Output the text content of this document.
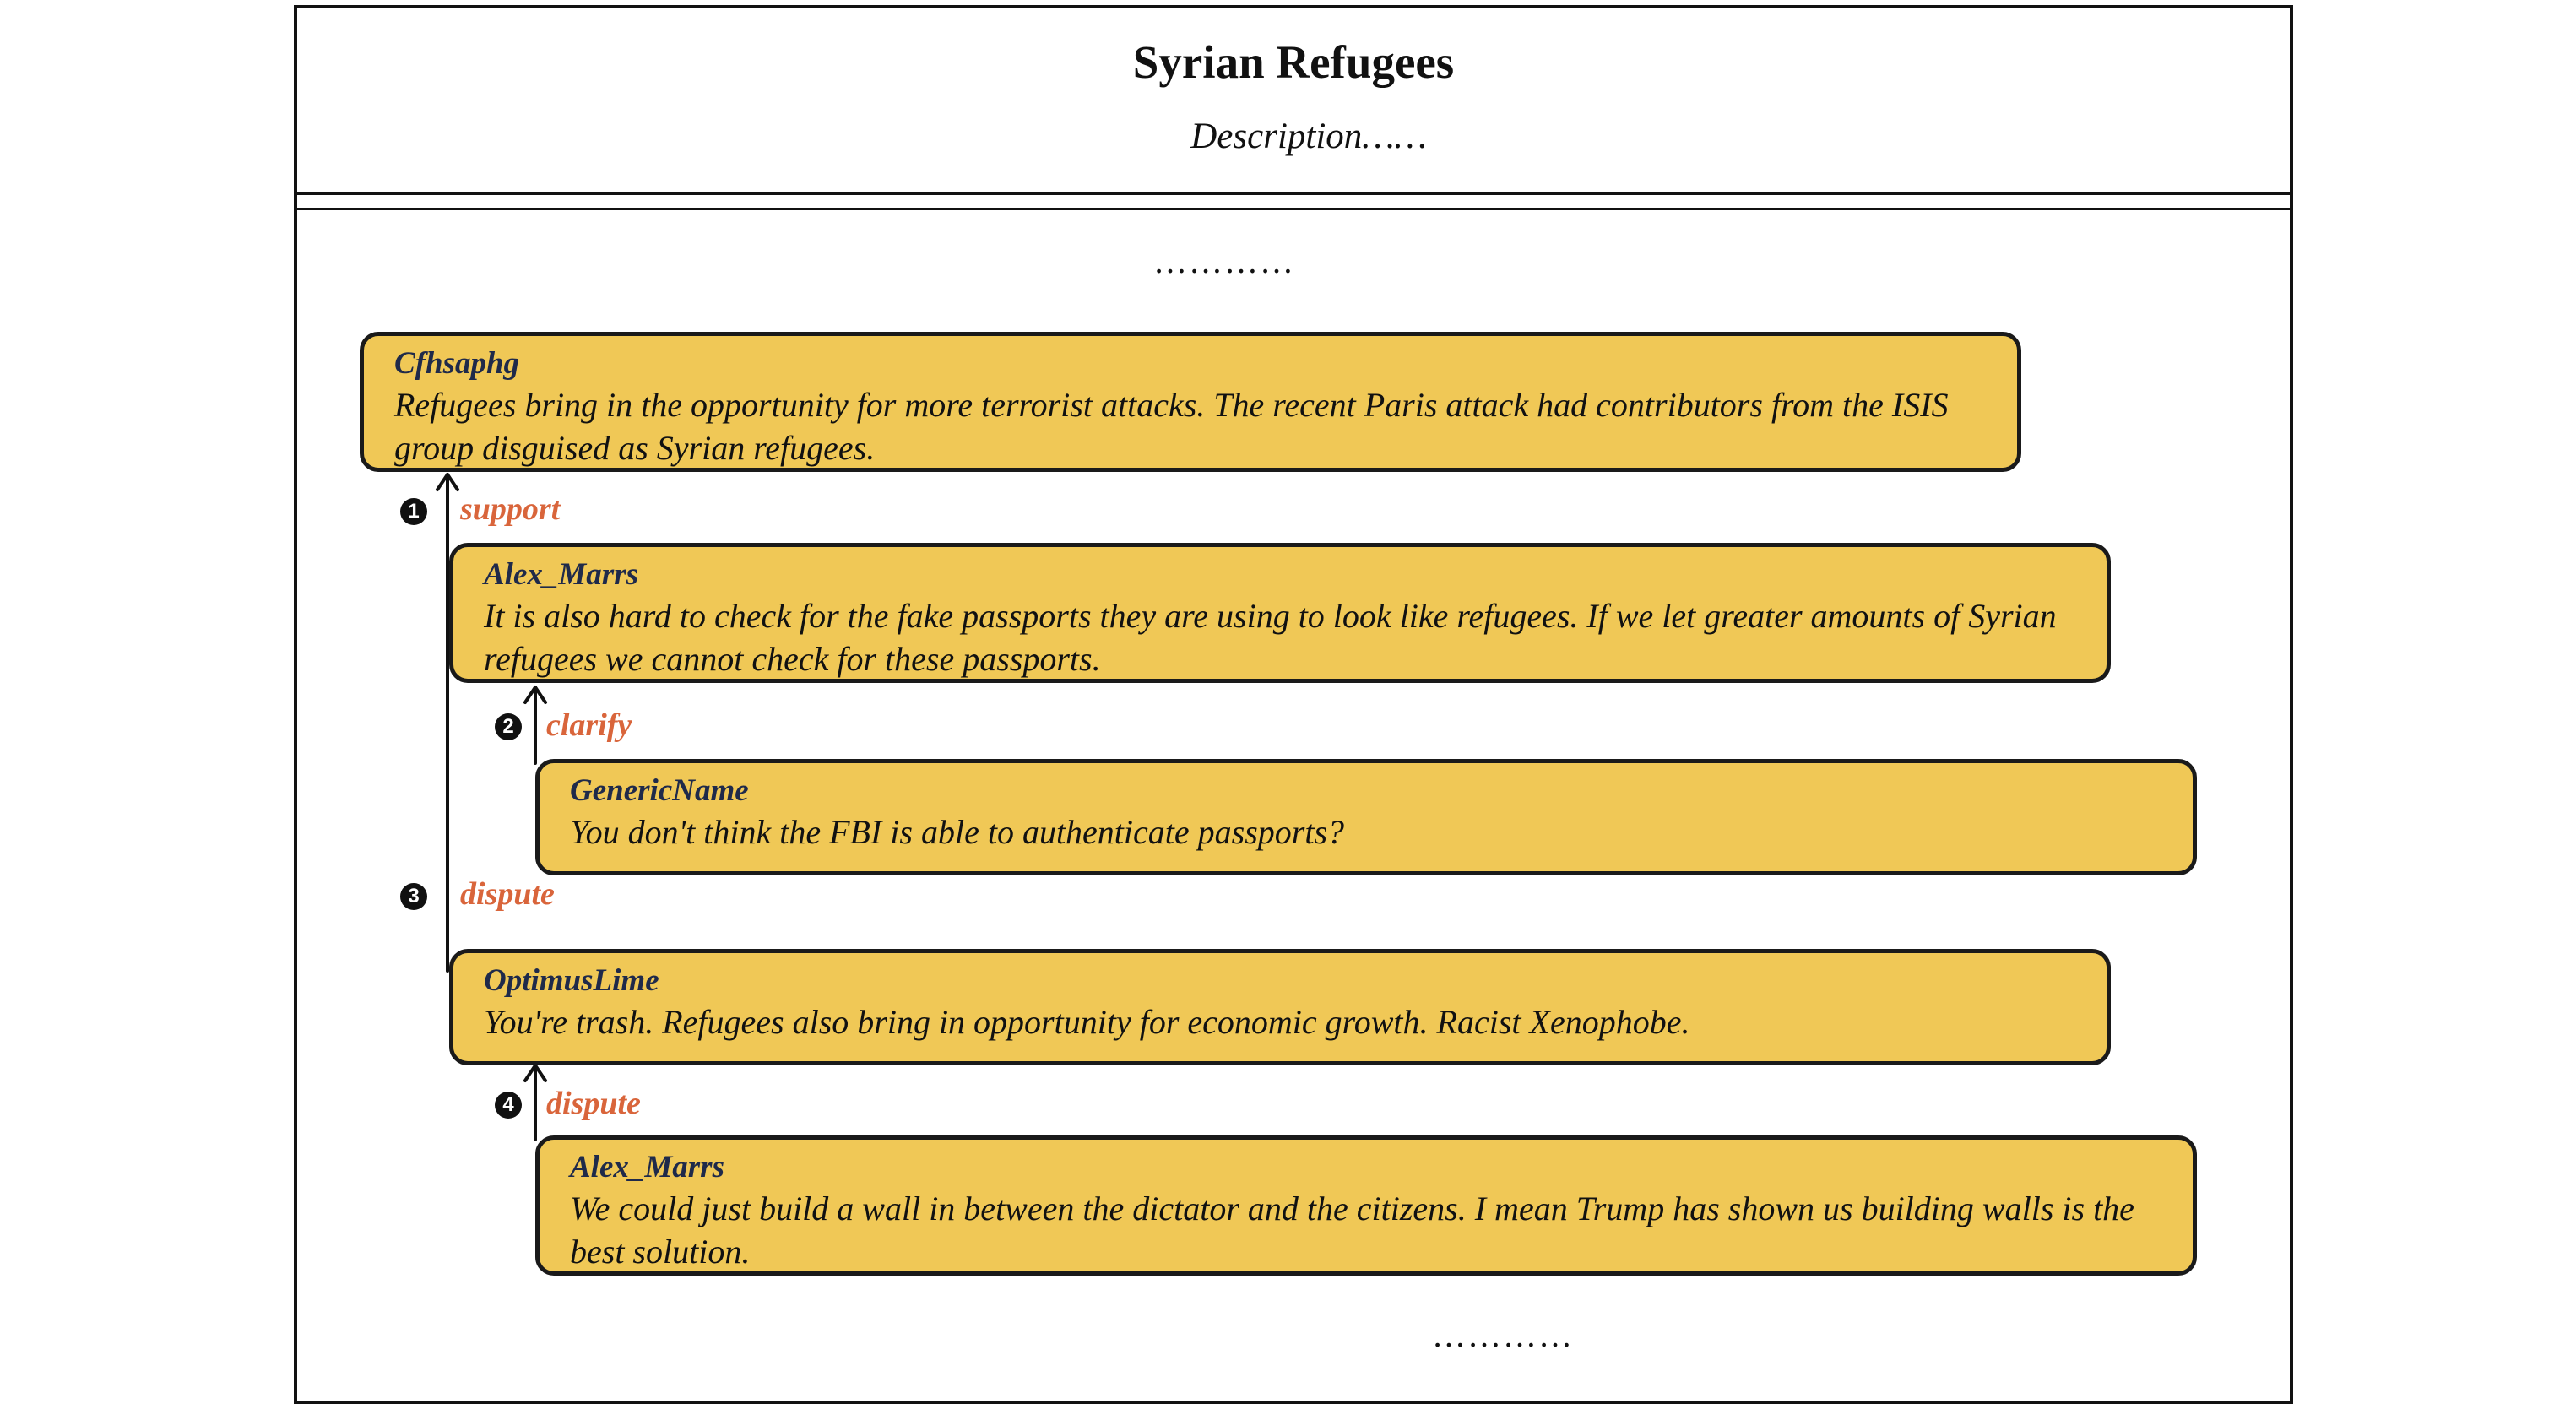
Syrian Refugees
Description……
…………
Cfhsaphg
Refugees bring in the opportunity for more terrorist attacks. The recent Paris attack had contributors from the ISIS group disguised as Syrian refugees.
1 support
Alex_Marrs
It is also hard to check for the fake passports they are using to look like refugees. If we let greater amounts of Syrian refugees we cannot check for these passports.
2 clarify
GenericName
You don't think the FBI is able to authenticate passports?
3 dispute
OptimusLime
You're trash. Refugees also bring in opportunity for economic growth. Racist Xenophobe.
4 dispute
Alex_Marrs
We could just build a wall in between the dictator and the citizens. I mean Trump has shown us building walls is the best solution.
…………
